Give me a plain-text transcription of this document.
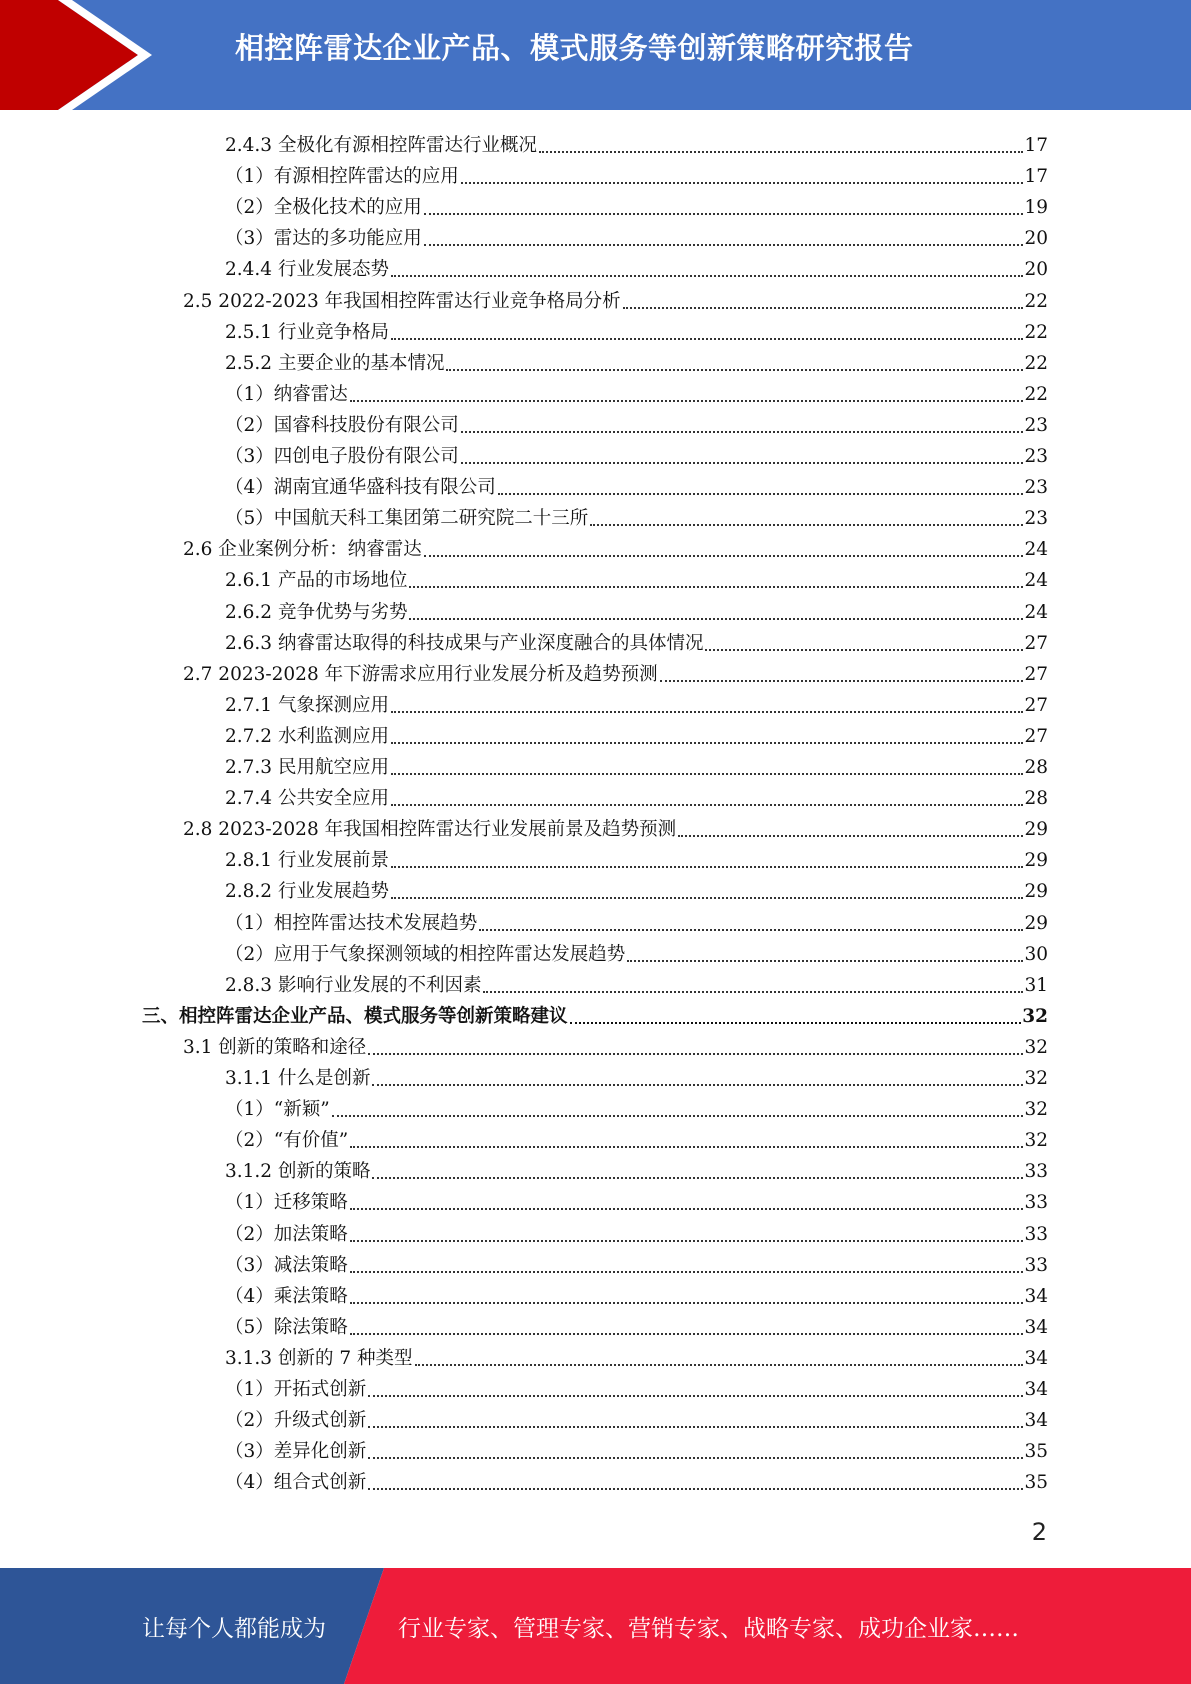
相控阵雷达企业产品、模式服务等创新策略研究报告
2.4.3 全极化有源相控阵雷达行业概况	17
（1）有源相控阵雷达的应用	17
（2）全极化技术的应用	19
（3）雷达的多功能应用	20
2.4.4 行业发展态势	20
2.5 2022-2023 年我国相控阵雷达行业竞争格局分析	22
2.5.1 行业竞争格局	22
2.5.2 主要企业的基本情况	22
（1）纳睿雷达	22
（2）国睿科技股份有限公司	23
（3）四创电子股份有限公司	23
（4）湖南宜通华盛科技有限公司	23
（5）中国航天科工集团第二研究院二十三所	23
2.6 企业案例分析：纳睿雷达	24
2.6.1 产品的市场地位	24
2.6.2 竞争优势与劣势	24
2.6.3 纳睿雷达取得的科技成果与产业深度融合的具体情况	27
2.7 2023-2028 年下游需求应用行业发展分析及趋势预测	27
2.7.1 气象探测应用	27
2.7.2 水利监测应用	27
2.7.3 民用航空应用	28
2.7.4 公共安全应用	28
2.8 2023-2028 年我国相控阵雷达行业发展前景及趋势预测	29
2.8.1 行业发展前景	29
2.8.2 行业发展趋势	29
（1）相控阵雷达技术发展趋势	29
（2）应用于气象探测领域的相控阵雷达发展趋势	30
2.8.3 影响行业发展的不利因素	31
三、相控阵雷达企业产品、模式服务等创新策略建议	32
3.1 创新的策略和途径	32
3.1.1 什么是创新	32
（1）“新颖”	32
（2）“有价值”	32
3.1.2 创新的策略	33
（1）迁移策略	33
（2）加法策略	33
（3）减法策略	33
（4）乘法策略	34
（5）除法策略	34
3.1.3 创新的 7 种类型	34
（1）开拓式创新	34
（2）升级式创新	34
（3）差异化创新	35
（4）组合式创新	35
2
让每个人都能成为	行业专家、管理专家、营销专家、战略专家、成功企业家……
